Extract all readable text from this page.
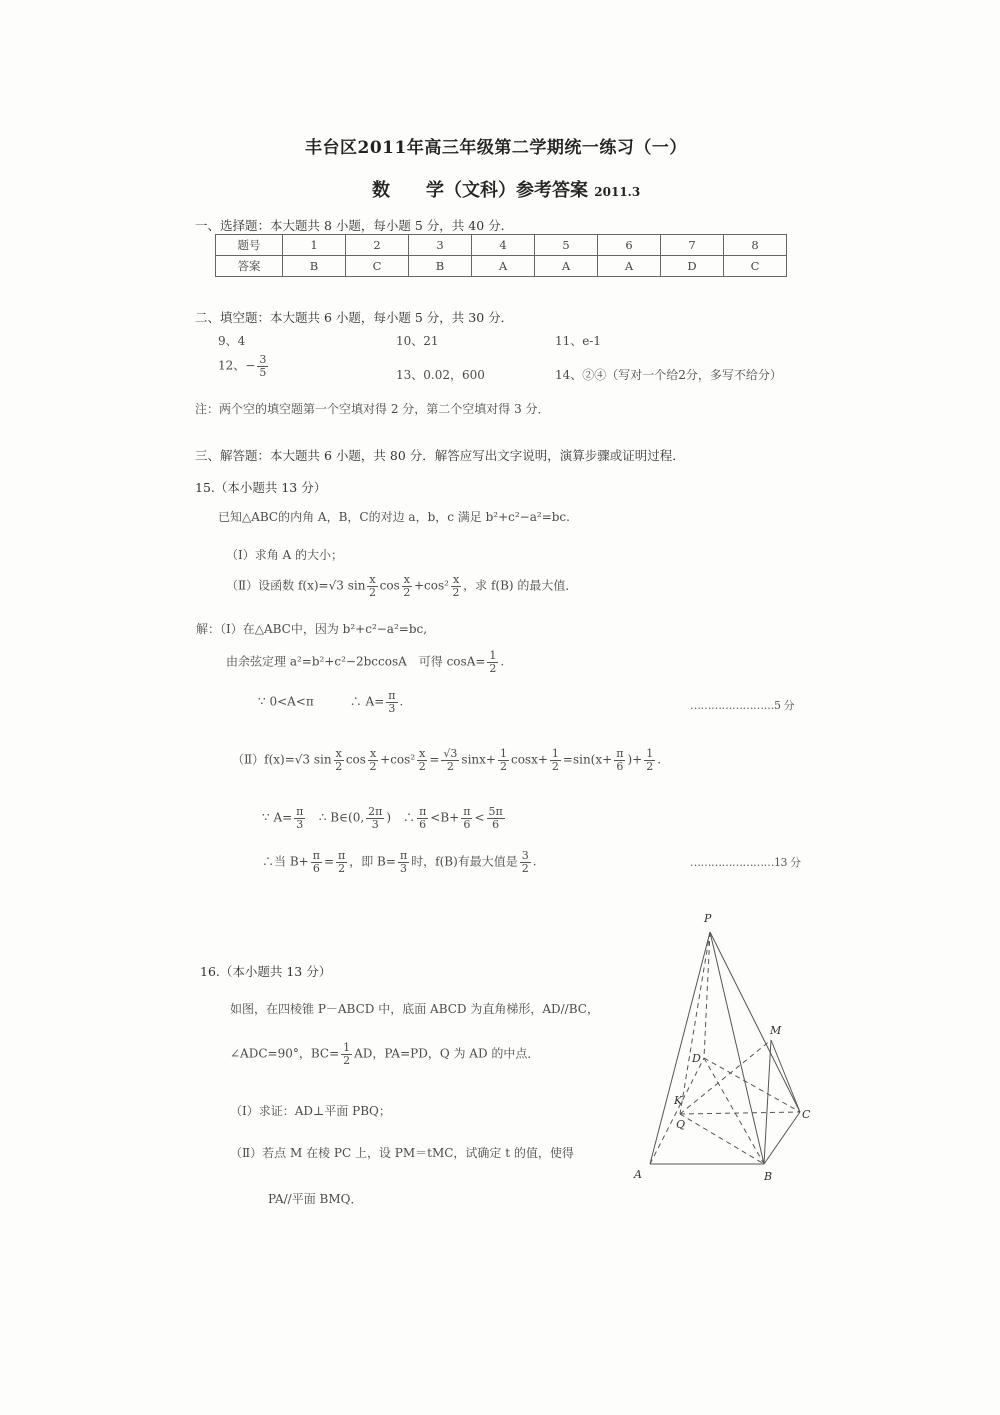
丰台区2011年高三年级第二学期统一练习（一）
数　　学（文科）参考答案 2011.3
一、选择题：本大题共 8 小题，每小题 5 分，共 40 分．
题号	1	2	3	4	5	6	7	8
答案	B	C	B	A	A	A	D	C
二、填空题：本大题共 6 小题，每小题 5 分，共 30 分．
9、4	10、21	11、e-1
12、− $\frac{3}{5}$	13、0.02，600	14、②④（写对一个给2分，多写不给分）
注：两个空的填空题第一个空填对得 2 分，第二个空填对得 3 分．
三、解答题：本大题共 6 小题，共 80 分．解答应写出文字说明，演算步骤或证明过程．
15.（本小题共 13 分）
已知△ABC的内角 A，B，C的对边 a，b，c 满足 b²+c²−a²=bc.
（Ⅰ）求角 A 的大小；
（Ⅱ）设函数 f(x)=√3 $\sin \frac{x}{2}$ $\cos \frac{x}{2} +\cos^2 \frac{x}{2}$ ，求 f(B) 的最大值．
解：（Ⅰ）在△ABC中，因为 b²+c²−a²=bc,
由余弦定理 a²=b²+c²−2bccosA　可得 $\cos A= \frac{1}{2}$ .
∵ 0<A<π　　　∴ $A= \frac{\pi}{3}$ .	……………………5 分
（Ⅱ）f(x)=√3 $\sin \frac{x}{2}$ $\cos \frac{x}{2} +\cos^2 \frac{x}{2} = \frac{√3}{2} \sin x+ \frac{1}{2} \cos x+ \frac{1}{2} =\sin(x+ \frac{\pi}{6}$ )+ $\frac{1}{2}$ .
∵ $A= \frac{\pi}{3}$ ∴ B∈(0, $\frac{2\pi}{3}$ )　∴ $\frac{\pi}{6} <B+ \frac{\pi}{6} < \frac{5\pi}{6}$
∴当 $B+ \frac{\pi}{6} = \frac{\pi}{2}$ ，即 $B= \frac{\pi}{3}$ 时，f(B)有最大值是 $\frac{3}{2}$ .	……………………13 分
16.（本小题共 13 分）
如图，在四棱锥 P－ABCD 中，底面 ABCD 为直角梯形，AD//BC，
∠ADC=90°，$BC= \frac{1}{2}$ AD，PA=PD，Q 为 AD 的中点．
（Ⅰ）求证：AD⊥平面 PBQ；
（Ⅱ）若点 M 在棱 PC 上，设 PM＝tMC，试确定 t 的值，使得
PA//平面 BMQ．
P
M
D
K
Q
C
A	B
